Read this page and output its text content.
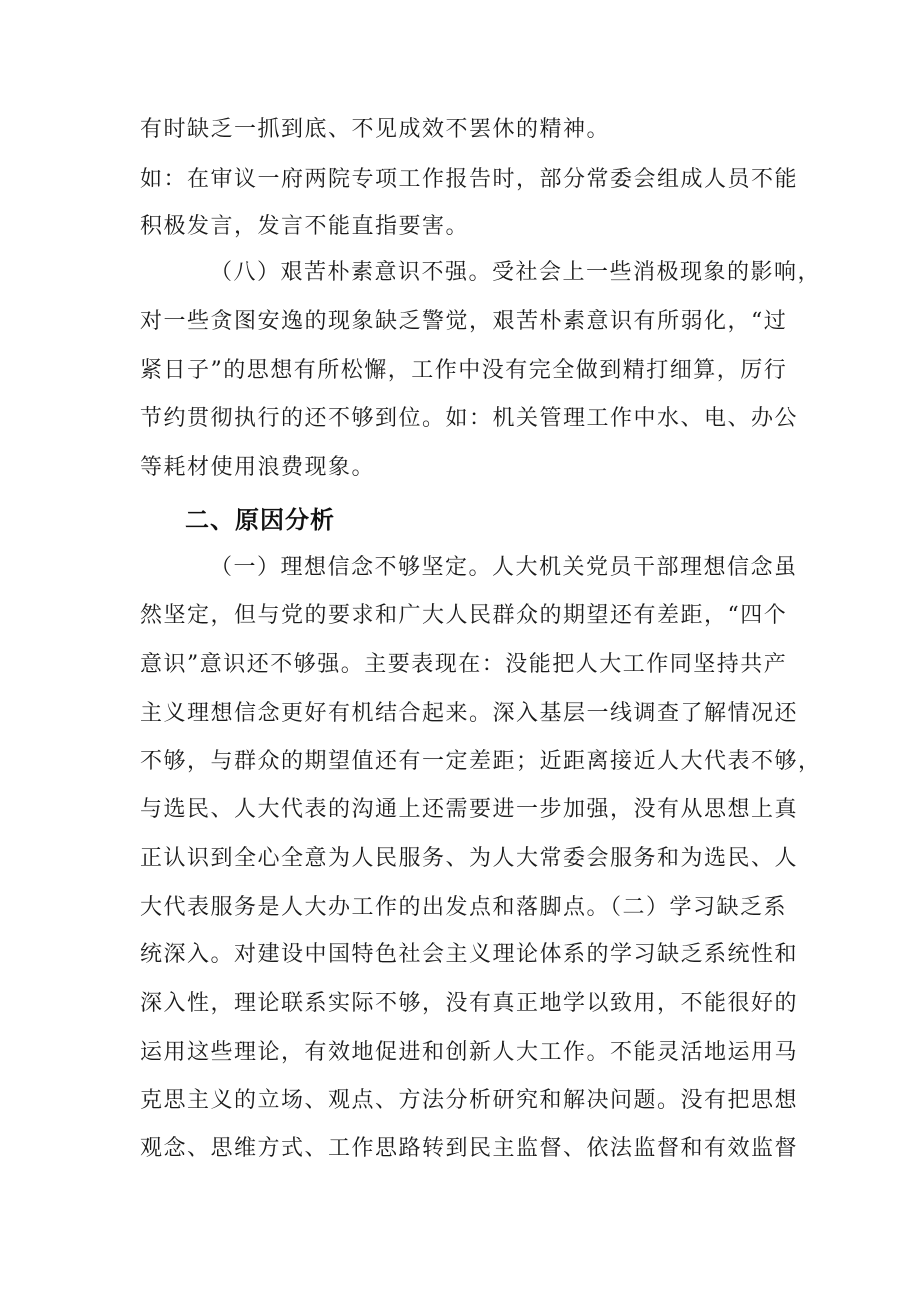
有时缺乏一抓到底、不见成效不罢休的精神。
如：在审议一府两院专项工作报告时，部分常委会组成人员不能
积极发言，发言不能直指要害。
（八）艰苦朴素意识不强。受社会上一些消极现象的影响，
对一些贪图安逸的现象缺乏警觉，艰苦朴素意识有所弱化，“过
紧日子”的思想有所松懈，工作中没有完全做到精打细算，厉行
节约贯彻执行的还不够到位。如：机关管理工作中水、电、办公
等耗材使用浪费现象。
二、原因分析
（一）理想信念不够坚定。人大机关党员干部理想信念虽
然坚定，但与党的要求和广大人民群众的期望还有差距，“四个
意识”意识还不够强。主要表现在：没能把人大工作同坚持共产
主义理想信念更好有机结合起来。深入基层一线调查了解情况还
不够，与群众的期望值还有一定差距；近距离接近人大代表不够，
与选民、人大代表的沟通上还需要进一步加强，没有从思想上真
正认识到全心全意为人民服务、为人大常委会服务和为选民、人
大代表服务是人大办工作的出发点和落脚点。（二）学习缺乏系
统深入。对建设中国特色社会主义理论体系的学习缺乏系统性和
深入性，理论联系实际不够，没有真正地学以致用，不能很好的
运用这些理论，有效地促进和创新人大工作。不能灵活地运用马
克思主义的立场、观点、方法分析研究和解决问题。没有把思想
观念、思维方式、工作思路转到民主监督、依法监督和有效监督
